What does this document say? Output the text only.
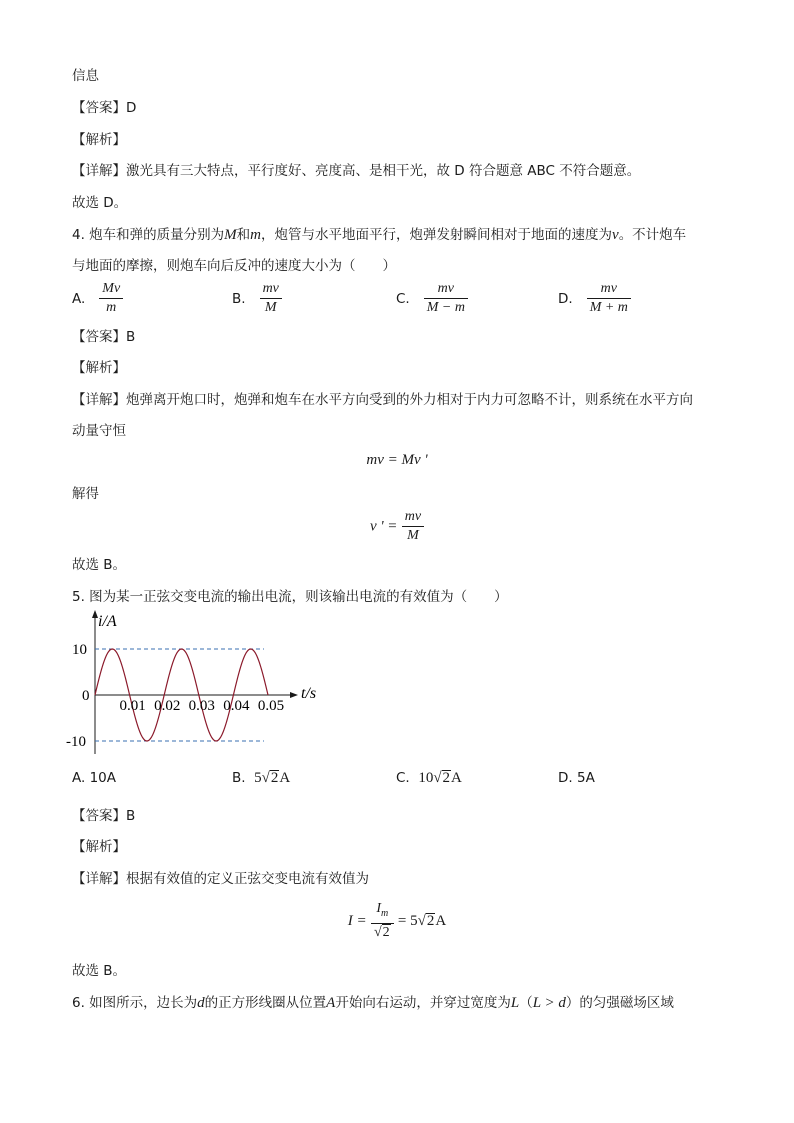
信息
【答案】D
【解析】
【详解】激光具有三大特点，平行度好、亮度高、是相干光，故 D 符合题意 ABC 不符合题意。
故选 D。
4. 炮车和弹的质量分别为M和m，炮管与水平地面平行，炮弹发射瞬间相对于地面的速度为v。不计炮车
与地面的摩擦，则炮车向后反冲的速度大小为（　　）
A. $\frac{Mv}{m}$	B. $\frac{mv}{M}$	C. $\frac{mv}{M - m}$	D. $\frac{mv}{M + m}$
【答案】B
【解析】
【详解】炮弹离开炮口时，炮弹和炮车在水平方向受到的外力相对于内力可忽略不计，则系统在水平方向
动量守恒
mv = Mv '
解得
v ' = $\frac{mv}{M}$
故选 B。
5. 图为某一正弦交变电流的输出电流，则该输出电流的有效值为（　　）
i/A
t/s
10
0
-10
0.01 0.02 0.03 0.04 0.05
A. 10A	B. 5√2A	C. 10√2A	D. 5A
【答案】B
【解析】
【详解】根据有效值的定义正弦交变电流有效值为
$I = \frac{I_m}{√2} = 5√2A$
故选 B。
6. 如图所示，边长为d的正方形线圈从位置A开始向右运动，并穿过宽度为L（L > d）的匀强磁场区域
